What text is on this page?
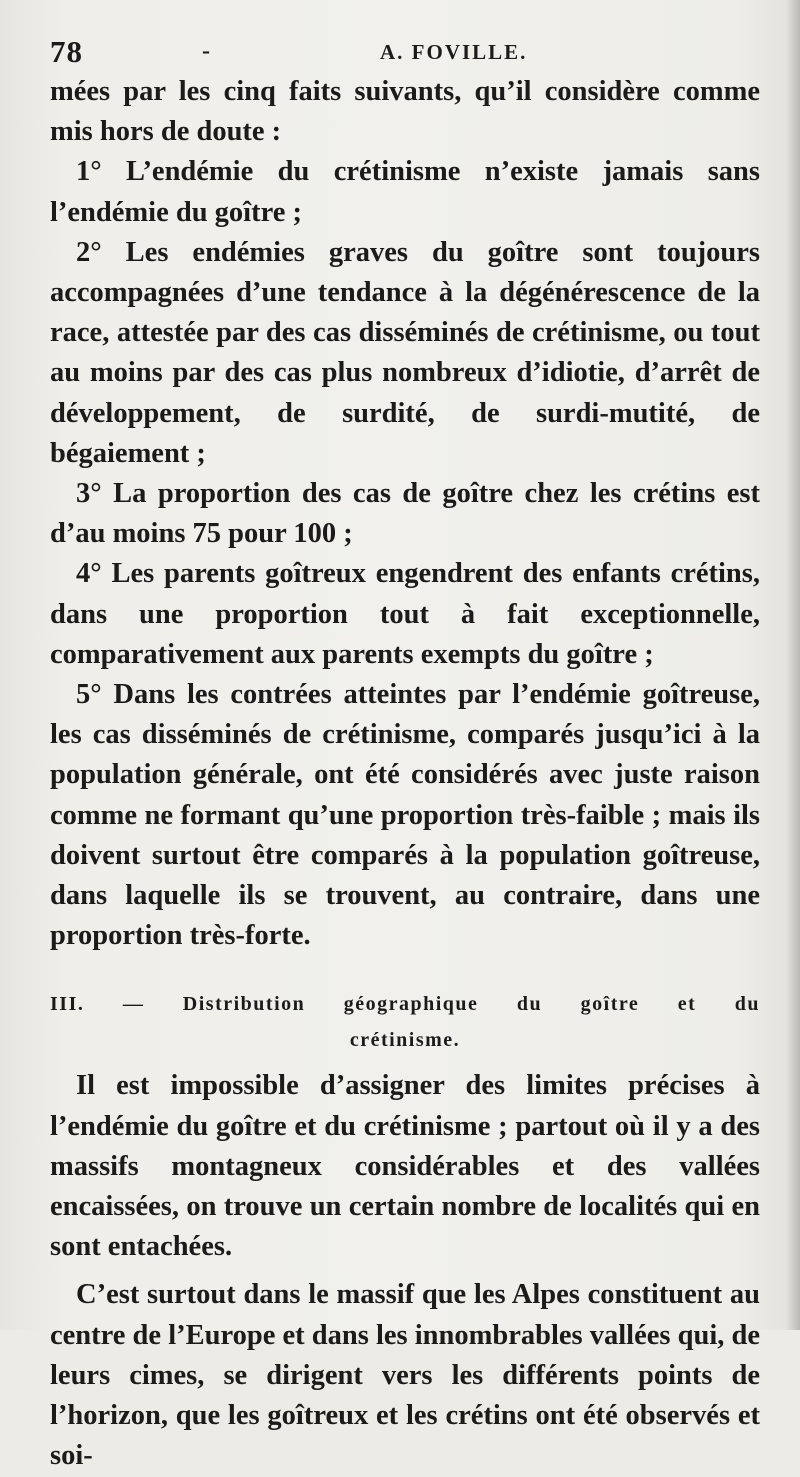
78	-	A. FOVILLE.

mées par les cinq faits suivants, qu’il considère comme mis hors de doute :

1° L’endémie du crétinisme n’existe jamais sans l’endémie du goître ;

2° Les endémies graves du goître sont toujours accompagnées d’une tendance à la dégénérescence de la race, attestée par des cas disséminés de crétinisme, ou tout au moins par des cas plus nombreux d’idiotie, d’arrêt de développement, de surdité, de surdi-mutité, de bégaiement ;

3° La proportion des cas de goître chez les crétins est d’au moins 75 pour 100 ;

4° Les parents goîtreux engendrent des enfants crétins, dans une proportion tout à fait exceptionnelle, comparativement aux parents exempts du goître ;

5° Dans les contrées atteintes par l’endémie goîtreuse, les cas disséminés de crétinisme, comparés jusqu’ici à la population générale, ont été considérés avec juste raison comme ne formant qu’une proportion très-faible ; mais ils doivent surtout être comparés à la population goîtreuse, dans laquelle ils se trouvent, au contraire, dans une proportion très-forte.

III. — Distribution géographique du goître et du
crétinisme.

Il est impossible d’assigner des limites précises à l’endémie du goître et du crétinisme ; partout où il y a des massifs montagneux considérables et des vallées encaissées, on trouve un certain nombre de localités qui en sont entachées.

C’est surtout dans le massif que les Alpes constituent au centre de l’Europe et dans les innombrables vallées qui, de leurs cimes, se dirigent vers les différents points de l’horizon, que les goîtreux et les crétins ont été observés et soi-
